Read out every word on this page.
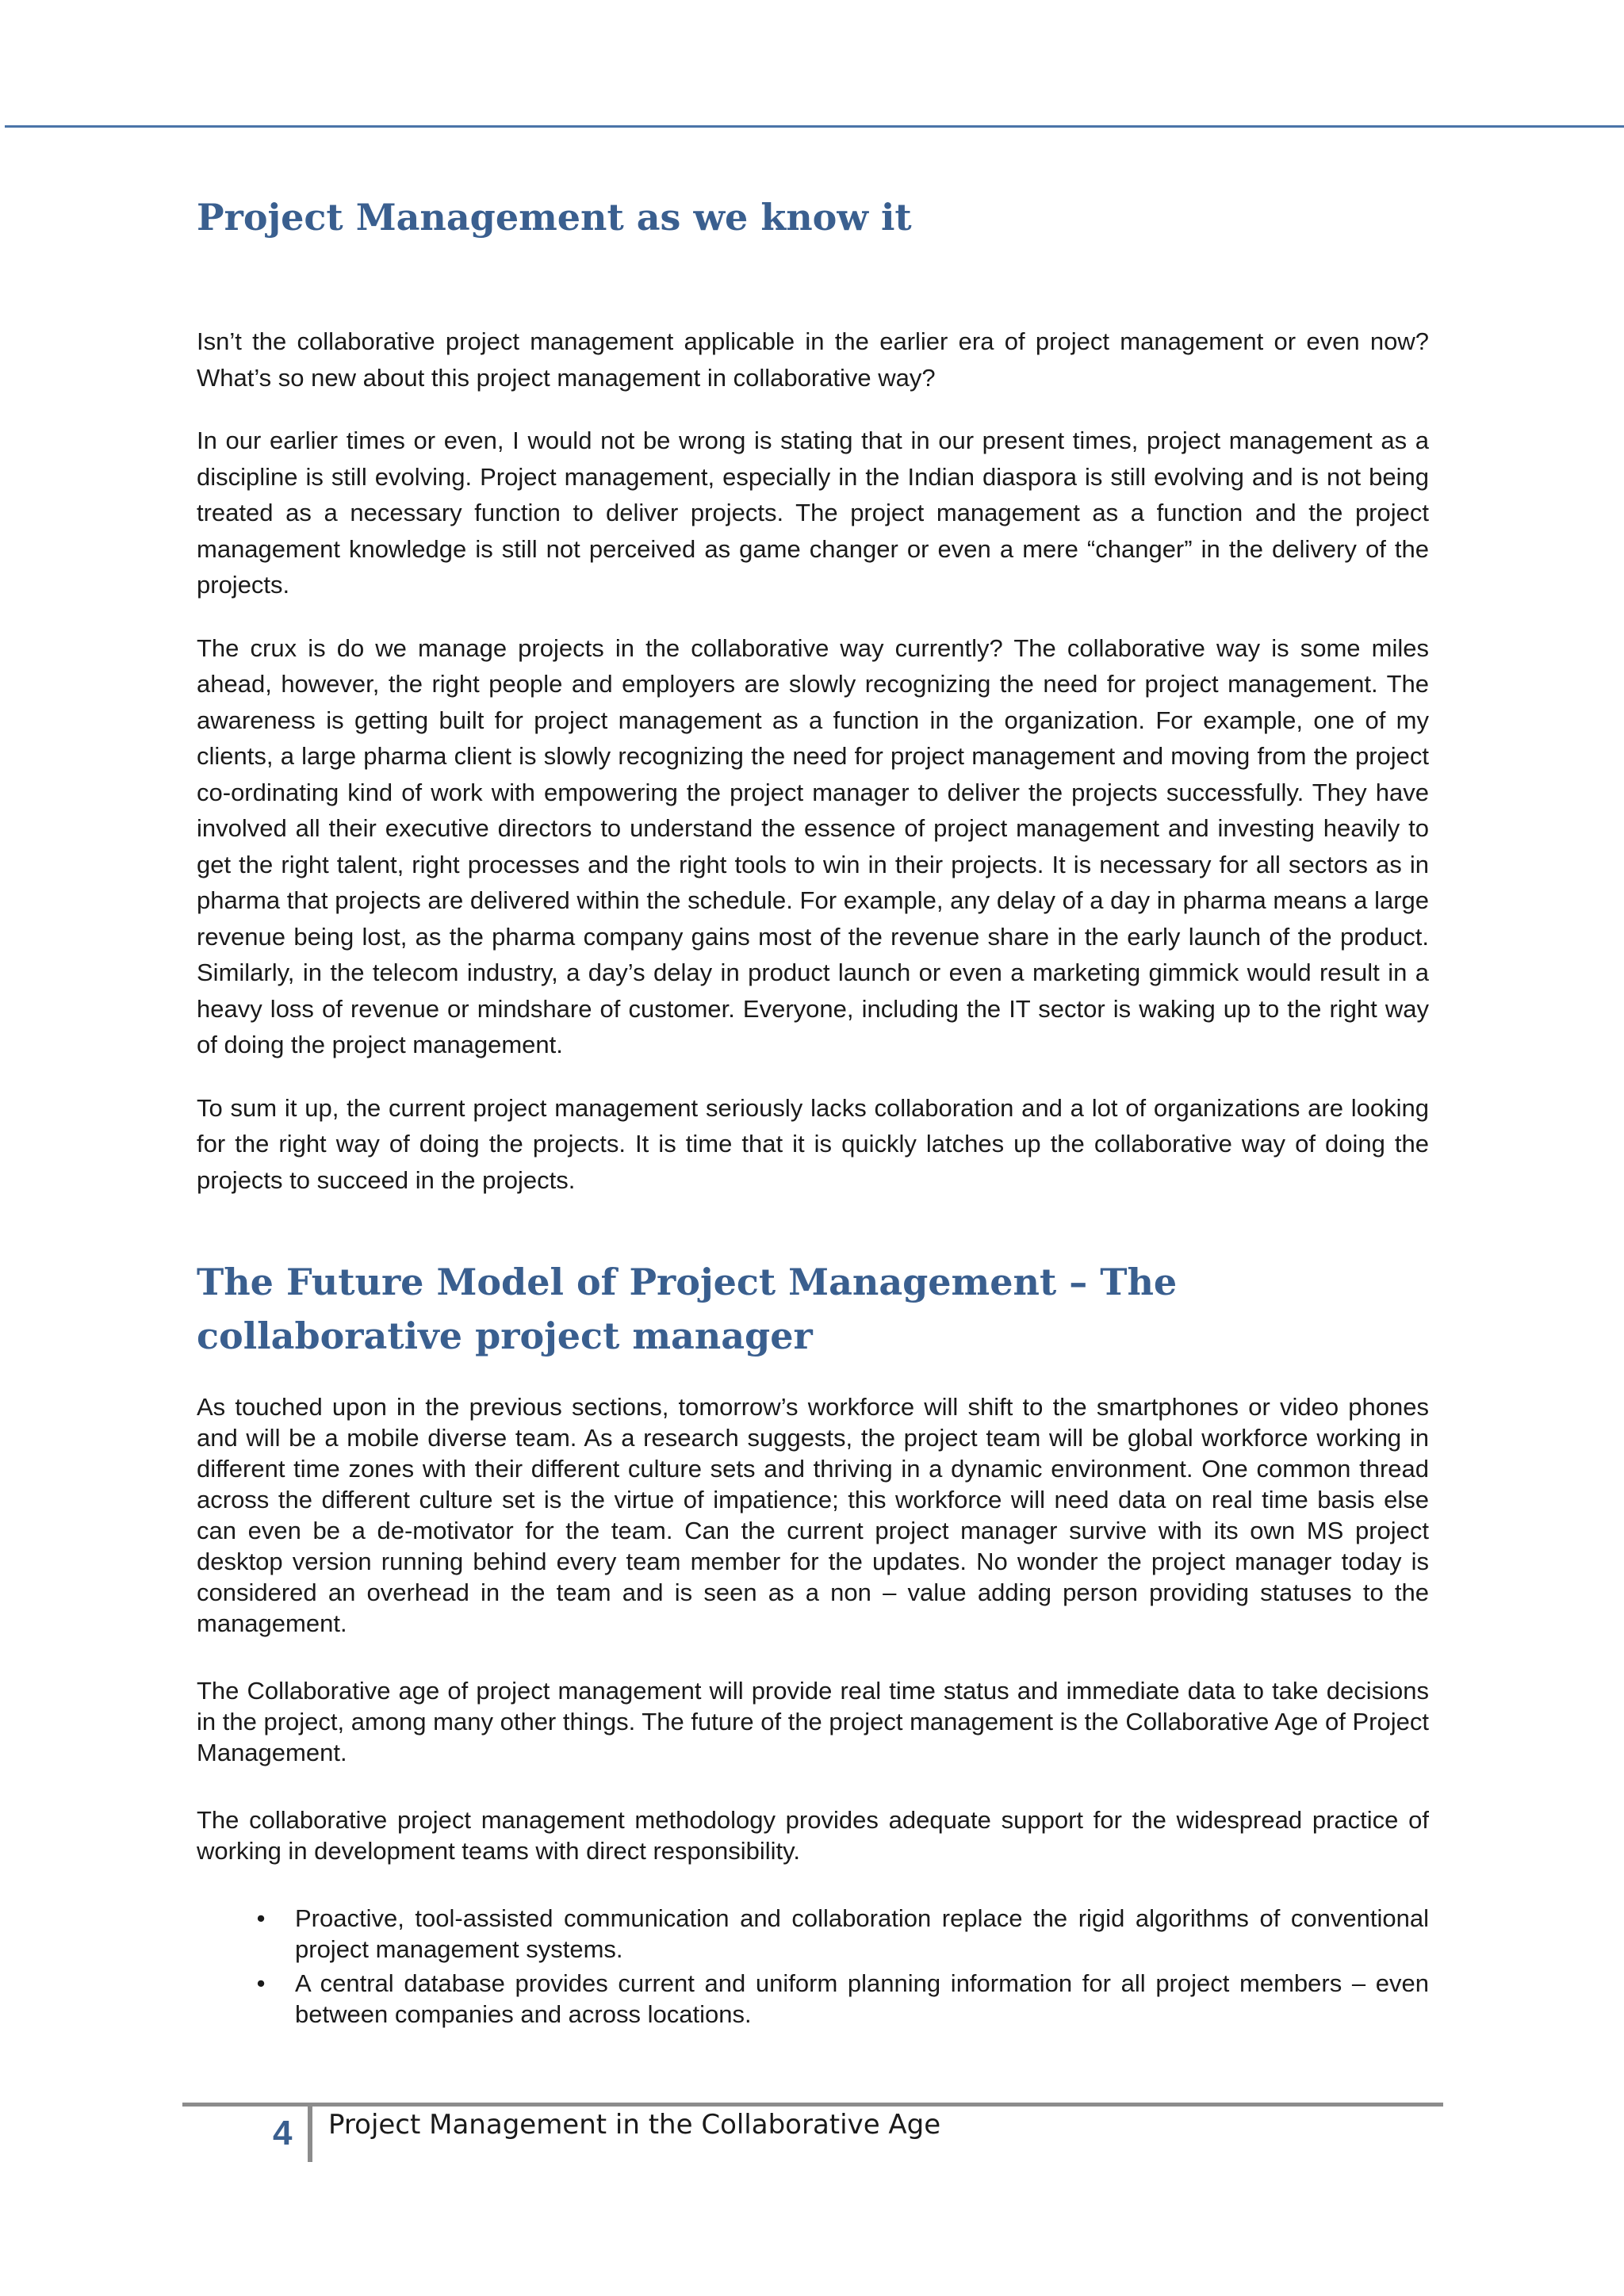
Project Management as we know it

Isn’t the collaborative project management applicable in the earlier era of project management or even now? What’s so new about this project management in collaborative way?

In our earlier times or even, I would not be wrong is stating that in our present times, project management as a discipline is still evolving. Project management, especially in the Indian diaspora is still evolving and is not being treated as a necessary function to deliver projects. The project management as a function and the project management knowledge is still not perceived as game changer or even a mere “changer” in the delivery of the projects.

The crux is do we manage projects in the collaborative way currently? The collaborative way is some miles ahead, however, the right people and employers are slowly recognizing the need for project management. The awareness is getting built for project management as a function in the organization. For example, one of my clients, a large pharma client is slowly recognizing the need for project management and moving from the project co-ordinating kind of work with empowering the project manager to deliver the projects successfully. They have involved all their executive directors to understand the essence of project management and investing heavily to get the right talent, right processes and the right tools to win in their projects. It is necessary for all sectors as in pharma that projects are delivered within the schedule. For example, any delay of a day in pharma means a large revenue being lost, as the pharma company gains most of the revenue share in the early launch of the product. Similarly, in the telecom industry, a day’s delay in product launch or even a marketing gimmick would result in a heavy loss of revenue or mindshare of customer. Everyone, including the IT sector is waking up to the right way of doing the project management.

To sum it up, the current project management seriously lacks collaboration and a lot of organizations are looking for the right way of doing the projects. It is time that it is quickly latches up the collaborative way of doing the projects to succeed in the projects.

The Future Model of Project Management – The collaborative project manager

As touched upon in the previous sections, tomorrow’s workforce will shift to the smartphones or video phones and will be a mobile diverse team. As a research suggests, the project team will be global workforce working in different time zones with their different culture sets and thriving in a dynamic environment. One common thread across the different culture set is the virtue of impatience; this workforce will need data on real time basis else can even be a de-motivator for the team. Can the current project manager survive with its own MS project desktop version running behind every team member for the updates. No wonder the project manager today is considered an overhead in the team and is seen as a non – value adding person providing statuses to the management.

The Collaborative age of project management will provide real time status and immediate data to take decisions in the project, among many other things. The future of the project management is the Collaborative Age of Project Management.

The collaborative project management methodology provides adequate support for the widespread practice of working in development teams with direct responsibility.

•	Proactive, tool-assisted communication and collaboration replace the rigid algorithms of conventional project management systems.
•	A central database provides current and uniform planning information for all project members – even between companies and across locations.
4 Project Management in the Collaborative Age
